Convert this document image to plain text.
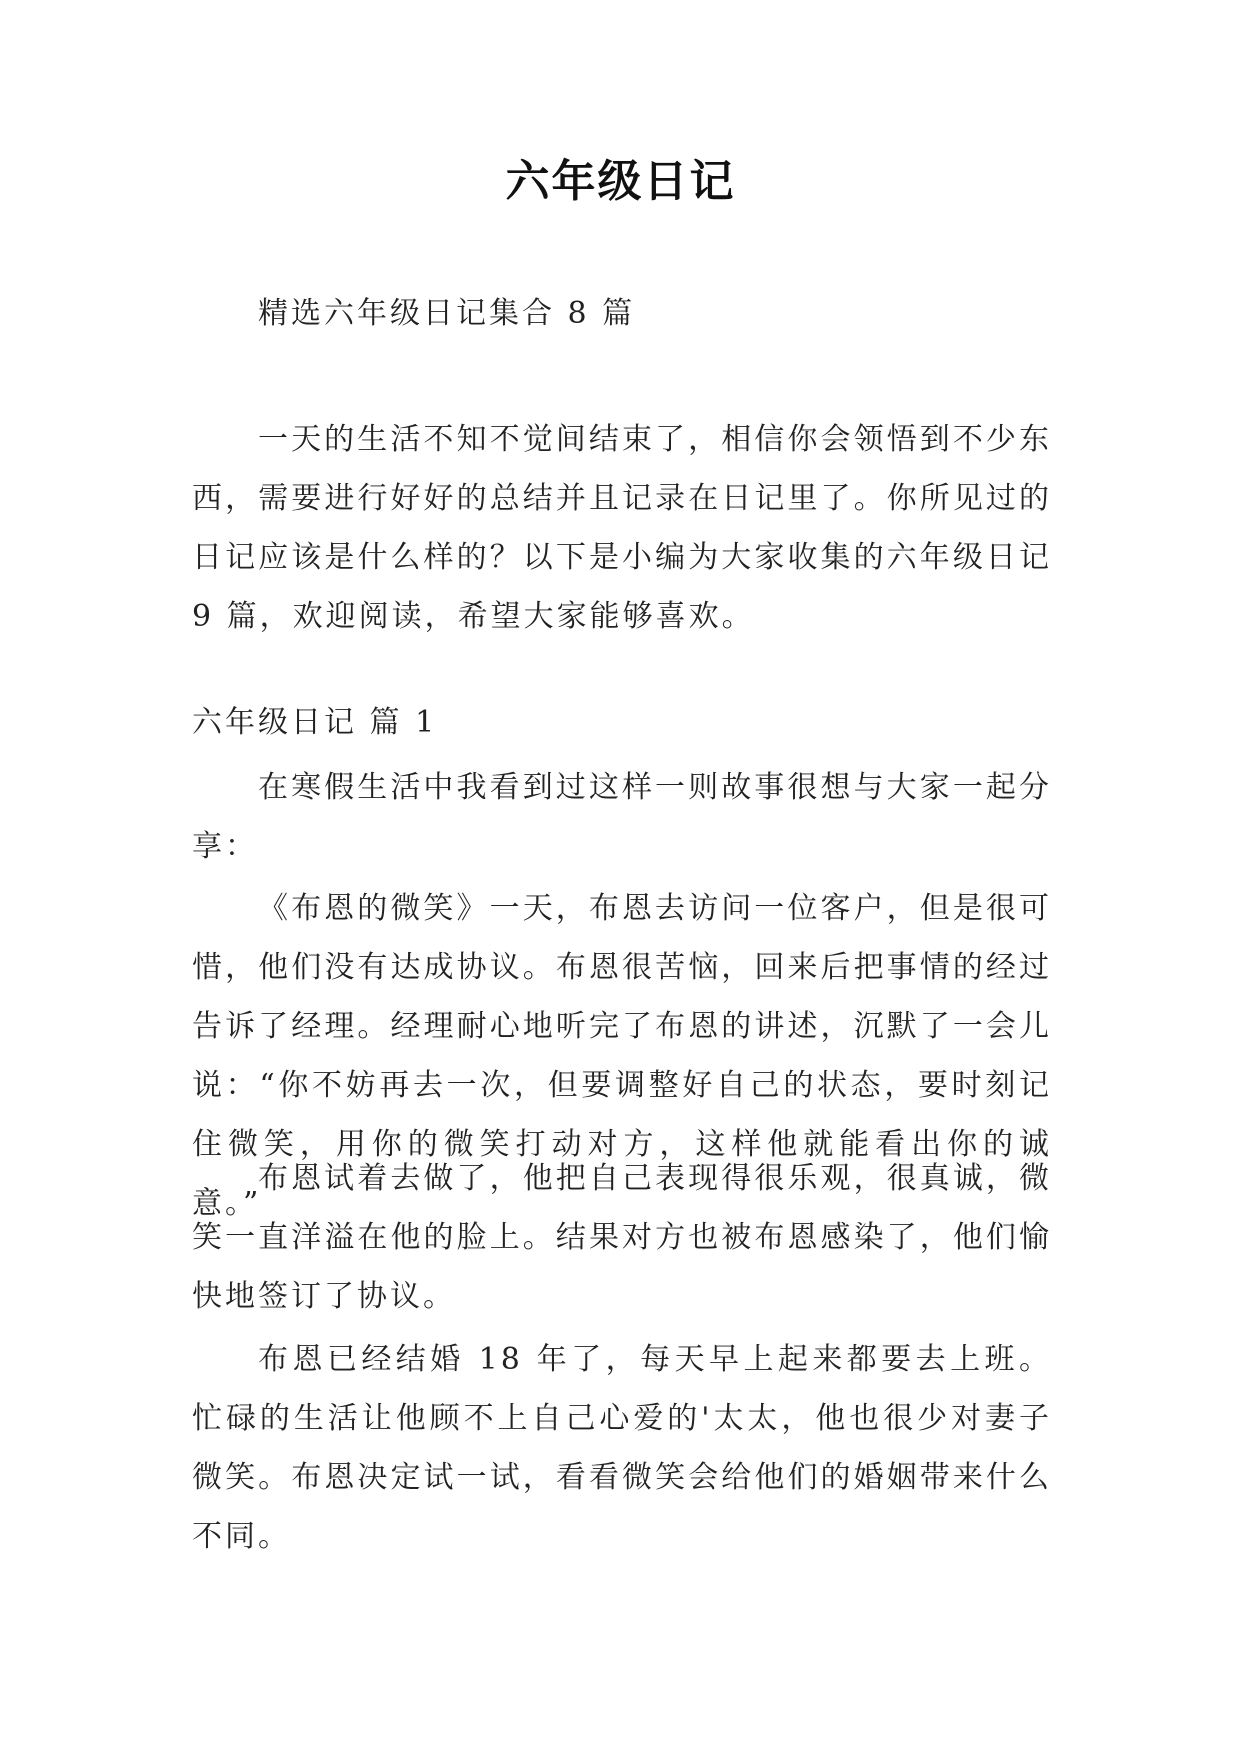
六年级日记
精选六年级日记集合 8 篇

一天的生活不知不觉间结束了，相信你会领悟到不少东西，需要进行好好的总结并且记录在日记里了。你所见过的日记应该是什么样的？以下是小编为大家收集的六年级日记 9 篇，欢迎阅读，希望大家能够喜欢。

六年级日记 篇 1

在寒假生活中我看到过这样一则故事很想与大家一起分享：

《布恩的微笑》一天，布恩去访问一位客户，但是很可惜，他们没有达成协议。布恩很苦恼，回来后把事情的经过告诉了经理。经理耐心地听完了布恩的讲述，沉默了一会儿说：“你不妨再去一次，但要调整好自己的状态，要时刻记住微笑，用你的微笑打动对方，这样他就能看出你的诚意。”

布恩试着去做了，他把自己表现得很乐观，很真诚，微笑一直洋溢在他的脸上。结果对方也被布恩感染了，他们愉快地签订了协议。

布恩已经结婚 18 年了，每天早上起来都要去上班。忙碌的生活让他顾不上自己心爱的'太太，他也很少对妻子微笑。布恩决定试一试，看看微笑会给他们的婚姻带来什么不同。
